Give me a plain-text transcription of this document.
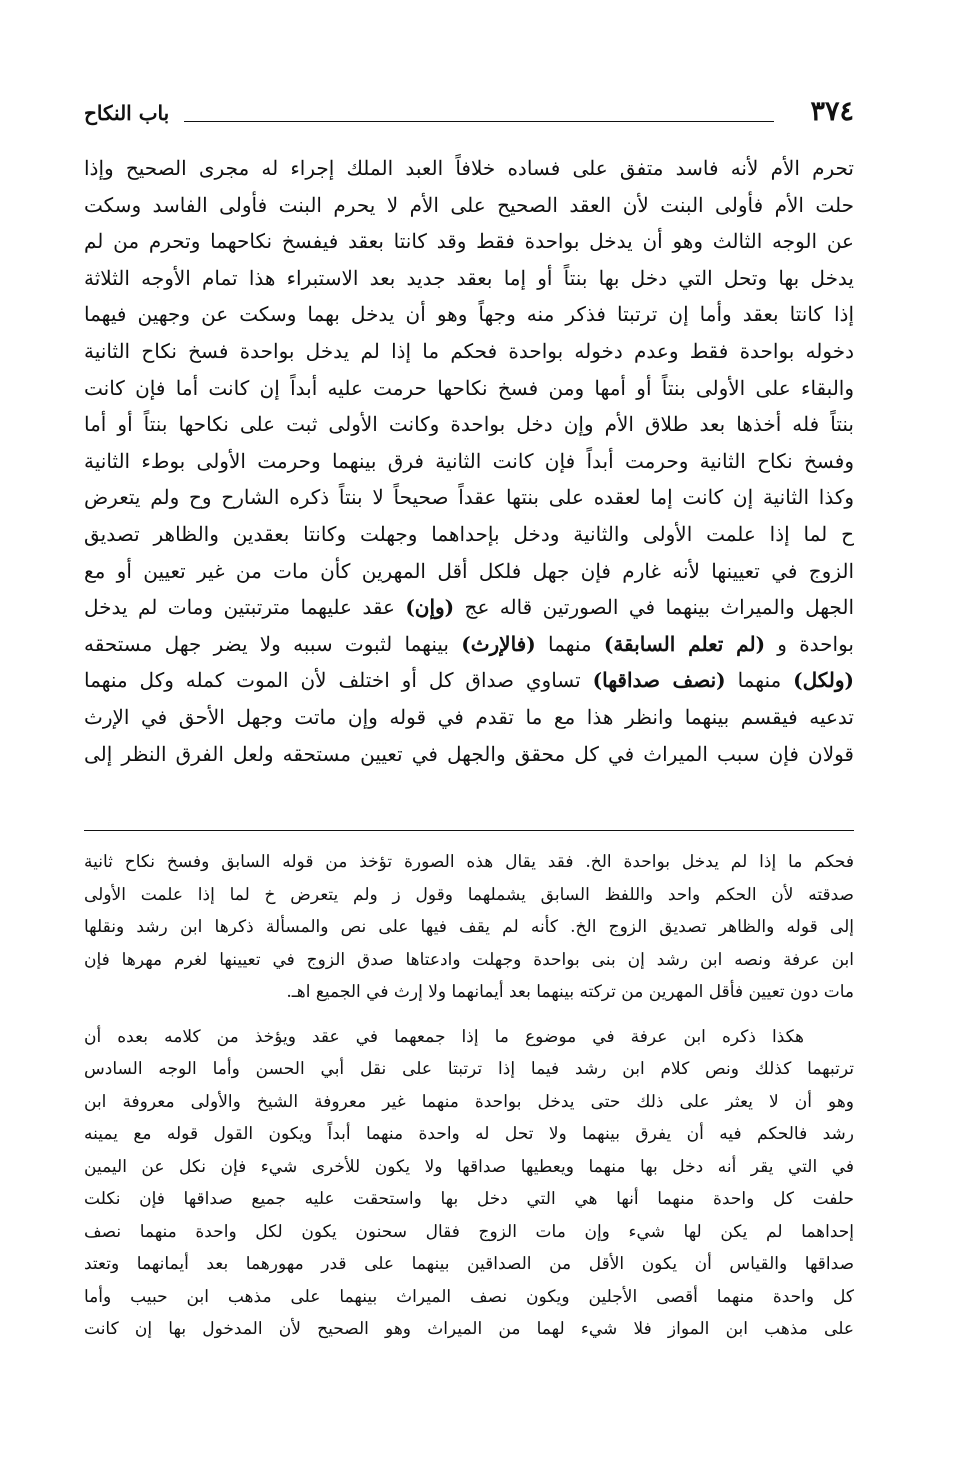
٣٧٤
باب النكاح
تحرم الأم لأنه فاسد متفق على فساده خلافاً العبد الملك إجراء له مجرى الصحيح وإذا
حلت الأم فأولى البنت لأن العقد الصحيح على الأم لا يحرم البنت فأولى الفاسد وسكت
عن الوجه الثالث وهو أن يدخل بواحدة فقط وقد كانتا بعقد فيفسخ نكاحهما وتحرم من لم
يدخل بها وتحل التي دخل بها بنتاً أو إما بعقد جديد بعد الاستبراء هذا تمام الأوجه الثلاثة
إذا كانتا بعقد وأما إن ترتبتا فذكر منه وجهاً وهو أن يدخل بهما وسكت عن وجهين فيهما
دخوله بواحدة فقط وعدم دخوله بواحدة فحكم ما إذا لم يدخل بواحدة فسخ نكاح الثانية
والبقاء على الأولى بنتاً أو أمها ومن فسخ نكاحها حرمت عليه أبداً إن كانت أما فإن كانت
بنتاً فله أخذها بعد طلاق الأم وإن دخل بواحدة وكانت الأولى ثبت على نكاحها بنتاً أو أما
وفسخ نكاح الثانية وحرمت أبداً فإن كانت الثانية فرق بينهما وحرمت الأولى بوطء الثانية
وكذا الثانية إن كانت إما لعقده على بنتها عقداً صحيحاً لا بنتاً ذكره الشارح وح ولم يتعرض
ح لما إذا علمت الأولى والثانية ودخل بإحداهما وجهلت وكانتا بعقدين والظاهر تصديق
الزوج في تعيينها لأنه غارم فإن جهل فلكل أقل المهرين كأن مات من غير تعيين أو مع
الجهل والميراث بينهما في الصورتين قاله عج (وإن) عقد عليهما مترتبتين ومات لم يدخل
بواحدة و (لم تعلم السابقة) منهما (فالإرث) بينهما لثبوت سببه ولا يضر جهل مستحقه
(ولكل) منهما (نصف صداقها) تساوي صداق كل أو اختلف لأن الموت كمله وكل منهما
تدعيه فيقسم بينهما وانظر هذا مع ما تقدم في قوله وإن ماتت وجهل الأحق في الإرث
قولان فإن سبب الميراث في كل محقق والجهل في تعيين مستحقه ولعل الفرق النظر إلى
فحكم ما إذا لم يدخل بواحدة الخ. فقد يقال هذه الصورة تؤخذ من قوله السابق وفسخ نكاح ثانية
صدقته لأن الحكم واحد واللفظ السابق يشملهما وقول ز ولم يتعرض خ لما إذا علمت الأولى
إلى قوله والظاهر تصديق الزوج الخ. كأنه لم يقف فيها على نص والمسألة ذكرها ابن رشد ونقلها
ابن عرفة ونصه ابن رشد إن بنى بواحدة وجهلت وادعتاها صدق الزوج في تعيينها لغرم مهرها فإن
مات دون تعيين فأقل المهرين من تركته بينهما بعد أيمانهما ولا إرث في الجميع اهـ.
هكذا ذكره ابن عرفة في موضوع ما إذا جمعهما في عقد ويؤخذ من كلامه بعده أن
ترتبهما كذلك ونص كلام ابن رشد فيما إذا ترتبتا على نقل أبي الحسن وأما الوجه السادس
وهو أن لا يعثر على ذلك حتى يدخل بواحدة منهما غير معروفة الشيخ والأولى معروفة ابن
رشد فالحكم فيه أن يفرق بينهما ولا تحل له واحدة منهما أبداً ويكون القول قوله مع يمينه
في التي يقر أنه دخل بها منهما ويعطيها صداقها ولا يكون للأخرى شيء فإن نكل عن اليمين
حلفت كل واحدة منهما أنها هي التي دخل بها واستحقت عليه جميع صداقها فإن نكلت
إحداهما لم يكن لها شيء وإن مات الزوج فقال سحنون يكون لكل واحدة منهما نصف
صداقها والقياس أن يكون الأقل من الصداقين بينهما على قدر مهورهما بعد أيمانهما وتعتد
كل واحدة منهما أقصى الأجلين ويكون نصف الميراث بينهما على مذهب ابن حبيب وأما
على مذهب ابن المواز فلا شيء لهما من الميراث وهو الصحيح لأن المدخول بها إن كانت
